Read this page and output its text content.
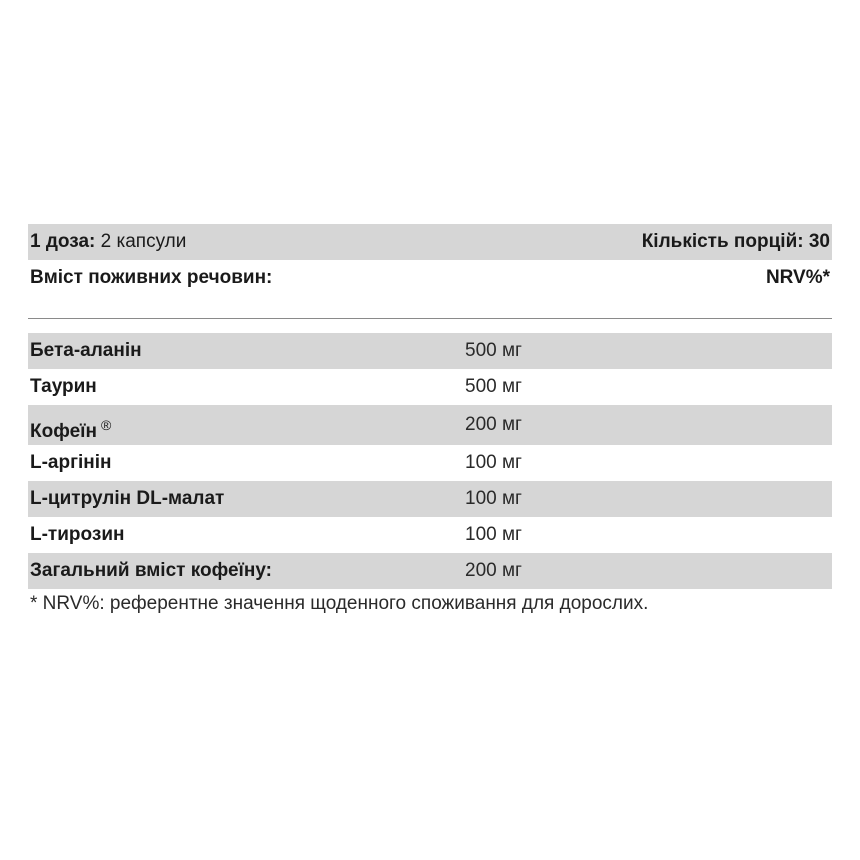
1 доза: 2 капсули	Кількість порцій: 30
Вміст поживних речовин:	NRV%*
Бета-аланін	500 мг
Таурин	500 мг
Кофеїн ®	200 мг
L-аргінін	100 мг
L-цитрулін DL-малат	100 мг
L-тирозин	100 мг
Загальний вміст кофеїну:	200 мг
* NRV%: референтне значення щоденного споживання для дорослих.
